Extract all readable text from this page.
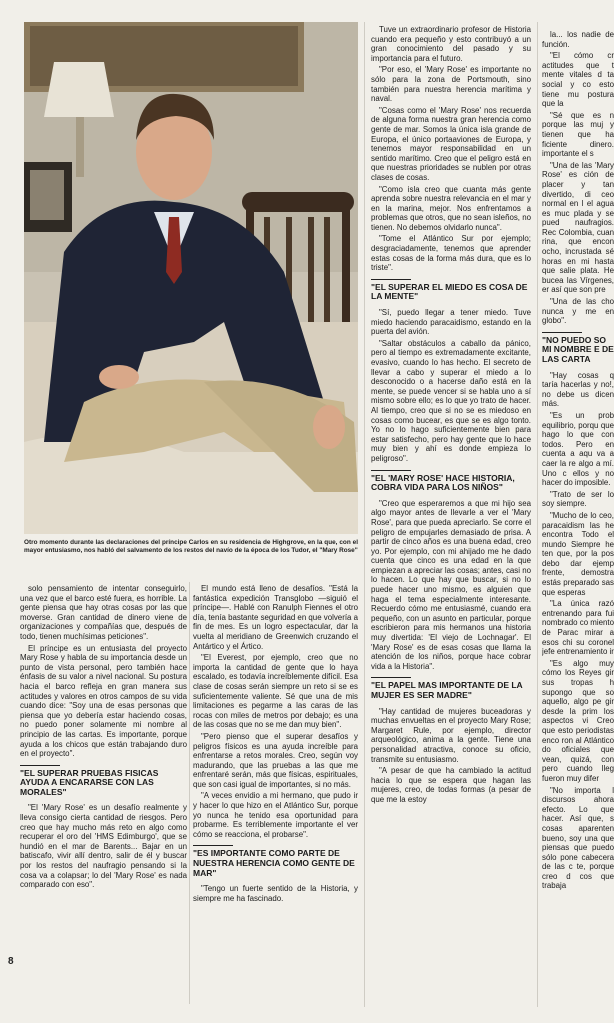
Otro momento durante las declaraciones del príncipe Carlos en su residencia de Highgrove, en la que, con el mayor entusiasmo, nos habló del salvamento de los restos del navío de la época de los Tudor, el "Mary Rose"

Tuve un extraordinario profesor de Historia cuando era pequeño y esto contribuyó a un gran conocimiento del pasado y su importancia para el futuro.

"Por eso, el 'Mary Rose' es importante no sólo para la zona de Portsmouth, sino también para nuestra herencia marítima y naval.

"Cosas como el 'Mary Rose' nos recuerda de alguna forma nuestra gran herencia como gente de mar. Somos la única isla grande de Europa, el único portaaviones de Europa, y tenemos mayor responsabilidad en un sentido marítimo. Creo que el peligro está en que nuestras prioridades se nublen por otras clases de cosas.

"Como isla creo que cuanta más gente aprenda sobre nuestra relevancia en el mar y en la marina, mejor. Nos enfrentamos a problemas que otros, que no sean isleños, no tienen. No debemos olvidarlo nunca".

"Tome el Atlántico Sur por ejemplo; desgraciadamente, tenemos que aprender estas cosas de la forma más dura, que es lo triste".

"EL SUPERAR EL MIEDO ES COSA DE LA MENTE"

"Sí, puedo llegar a tener miedo. Tuve miedo haciendo paracaidismo, estando en la puerta del avión.

"Saltar obstáculos a caballo da pánico, pero al tiempo es extremadamente excitante, evasivo, cuando lo has hecho. El secreto de llevar a cabo y superar el miedo a lo desconocido o a hacerse daño está en la mente, se puede vencer si se habla uno a sí mismo sobre ello; es lo que yo trato de hacer. Al tiempo, creo que si no se es miedoso en cosas como bucear, es que se es algo tonto. Yo no lo hago suficientemente bien para estar satisfecho, pero hay gente que lo hace muy bien y ahí es donde empieza lo peligroso".

"EL 'MARY ROSE' HACE HISTORIA, COBRA VIDA PARA LOS NIÑOS"

"Creo que esperaremos a que mi hijo sea algo mayor antes de llevarle a ver el 'Mary Rose', para que pueda apreciarlo. Se corre el peligro de empujarles demasiado de prisa. A partir de cinco años es una buena edad, creo yo. Por ejemplo, con mi ahijado me he dado cuenta que cinco es una edad en la que empiezan a apreciar las cosas; antes, casi no lo hacen. Lo que hay que buscar, si no lo puede hacer uno mismo, es alguien que haga el tema especialmente interesante. Recuerdo cómo me entusiasmé, cuando era pequeño, con un asunto en particular, porque escribieron para mis hermanos una historia muy divertida: 'El viejo de Lochnagar'. El 'Mary Rose' es de esas cosas que llama la atención de los niños, porque hace cobrar vida a la Historia".

"EL PAPEL MAS IMPORTANTE DE LA MUJER ES SER MADRE"

"Hay cantidad de mujeres buceadoras y muchas envueltas en el proyecto Mary Rose; Margaret Rule, por ejemplo, director arqueológico, anima a la gente. Tiene una personalidad atractiva, conoce su oficio, transmite su entusiasmo.

"A pesar de que ha cambiado la actitud hacia lo que se espera que hagan las mujeres, creo, de todas formas (a pesar de que me la estoy

la... los nadie de función.

"El cómo cr actitudes que t mente vitales d ta social y co esto tiene mu postura que la

"Sé que es n porque las muj y tienen que ha ficiente dinero. importante el s

"Una de las 'Mary Rose' es ción de placer y tan divertido, di ceo normal en l el agua es muc plada y se pued naufragios. Rec Colombia, cuan rina, que encon ocho, incrustada sé horas en mi hasta que salie plata. He bucea las Vírgenes, er así que son pre

"Una de las cho nunca y me en globo".

"NO PUEDO SO MI NOMBRE E DE LAS CARTA

"Hay cosas q taría hacerlas y no!, no debe us dicen más.

"Es un prob equilibrio, porqu que hago lo que con todos. Pero en cuenta a aqu va a caer la re algo a mí. Uno c ellos y no hacer do imposible.

"Trato de ser lo soy siempre.

"Mucho de lo ceo, paracaidism las he encontra Todo el mundo Siempre he ten que, por la pos debo dar ejemp frente, demostra estás preparado sas que esperas

"La única razó entrenando para fui nombrado co miento de Parac mirar a esos chi su coronel jefe entrenamiento ir

"Es algo muy cómo los Reyes gir sus tropas h supongo que so aquello, algo pe gir desde la prim los aspectos vi Creo que esto periodistas enco ron al Atlántico do oficiales que vean, quizá, con pero cuando lleg fueron muy difer

"No importa l discursos ahora efecto. Lo que hacer. Así que, s cosas aparenten bueno, soy una que piensas que puedo sólo pone cabecera de las c te, porque creo d cos que trabaja

solo pensamiento de intentar conseguirlo, una vez que el barco esté fuera, es horrible. La gente piensa que hay otras cosas por las que moverse. Gran cantidad de dinero viene de organizaciones y compañías que, después de todo, tienen muchísimas peticiones".

El príncipe es un entusiasta del proyecto Mary Rose y habla de su importancia desde un punto de vista personal, pero también hace énfasis de su valor a nivel nacional. Su postura hacia el barco refleja en gran manera sus actitudes y valores en otros campos de su vida cuando dice: "Soy una de esas personas que piensa que yo debería estar haciendo cosas, no puedo poner solamente mi nombre al principio de las cartas. Es importante, porque ayuda a los chicos que están trabajando duro en el proyecto".

"EL SUPERAR PRUEBAS FISICAS AYUDA A ENCARARSE CON LAS MORALES"

"El 'Mary Rose' es un desafío realmente y lleva consigo cierta cantidad de riesgos. Pero creo que hay mucho más reto en algo como recuperar el oro del 'HMS Edimburgo', que se hundió en el mar de Barents... Bajar en un batiscafo, vivir allí dentro, salir de él y buscar por los restos del naufragio pensando si la cosa va a colapsar; lo del 'Mary Rose' es nada comparado con eso".

El mundo está lleno de desafíos. "Está la fantástica expedición Transglobo —siguió el príncipe—. Hablé con Ranulph Fiennes el otro día, tenía bastante seguridad en que volvería a fin de mes. Es un logro espectacular, dar la vuelta al meridiano de Greenwich cruzando el Antártico y el Ártico.

"El Everest, por ejemplo, creo que no importa la cantidad de gente que lo haya escalado, es todavía increíblemente difícil. Esa clase de cosas serán siempre un reto si se es suficientemente valiente. Sé que una de mis limitaciones es pegarme a las caras de las rocas con miles de metros por debajo; es una de las cosas que no se me dan muy bien".

"Pero pienso que el superar desafíos y peligros físicos es una ayuda increíble para enfrentarse a retos morales. Creo, según voy madurando, que las pruebas a las que me enfrentaré serán, más que físicas, espirituales, que son casi igual de importantes, si no más.

"A veces envidio a mi hermano, que pudo ir y hacer lo que hizo en el Atlántico Sur, porque yo nunca he tenido esa oportunidad para probarme. Es terriblemente importante el ver cómo se reacciona, el probarse".

"ES IMPORTANTE COMO PARTE DE NUESTRA HERENCIA COMO GENTE DE MAR"

"Tengo un fuerte sentido de la Historia, y siempre me ha fascinado.

8
